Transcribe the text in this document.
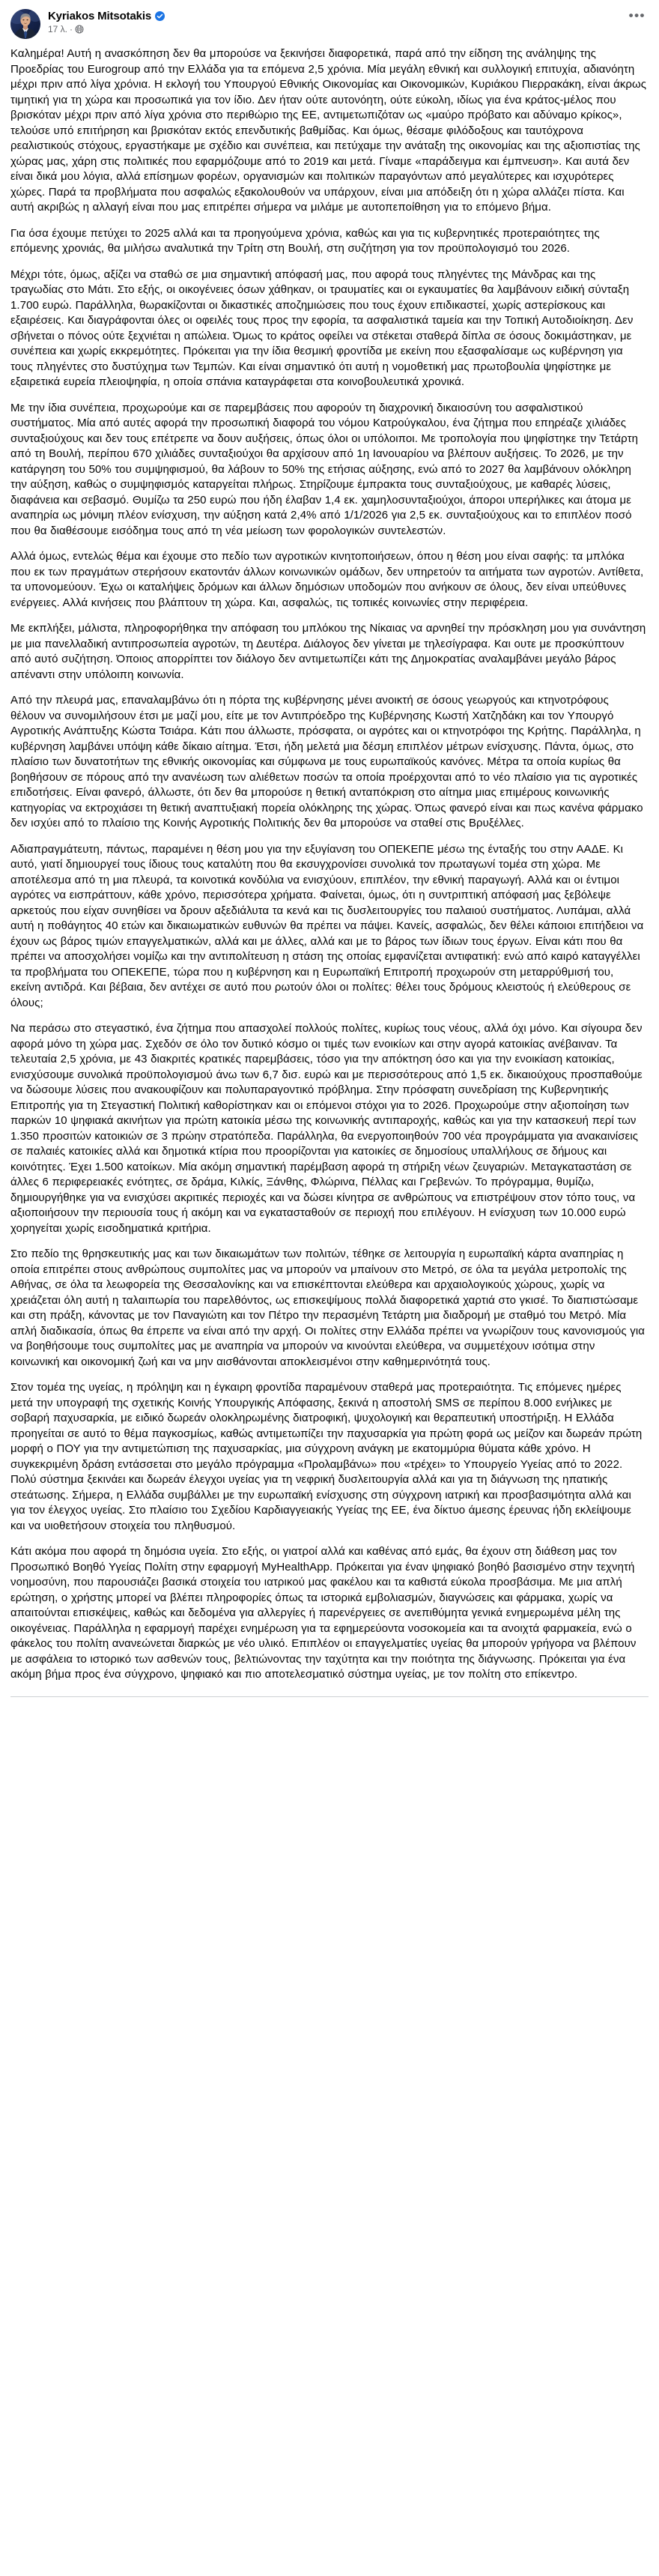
Kyriakos Mitsotakis
17 λ. ·
•••

Καλημέρα! Αυτή η ανασκόπηση δεν θα μπορούσε να ξεκινήσει διαφορετικά, παρά από την είδηση της ανάληψης της Προεδρίας του Eurogroup από την Ελλάδα για τα επόμενα 2,5 χρόνια. Μία μεγάλη εθνική και συλλογική επιτυχία, αδιανόητη μέχρι πριν από λίγα χρόνια. Η εκλογή του Υπουργού Εθνικής Οικονομίας και Οικονομικών, Κυριάκου Πιερρακάκη, είναι άκρως τιμητική για τη χώρα και προσωπικά για τον ίδιο. Δεν ήταν ούτε αυτονόητη, ούτε εύκολη, ιδίως για ένα κράτος-μέλος που βρισκόταν μέχρι πριν από λίγα χρόνια στο περιθώριο της ΕΕ, αντιμετωπιζόταν ως «μαύρο πρόβατο και αδύναμο κρίκος», τελούσε υπό επιτήρηση και βρισκόταν εκτός επενδυτικής βαθμίδας. Και όμως, θέσαμε φιλόδοξους και ταυτόχρονα ρεαλιστικούς στόχους, εργαστήκαμε με σχέδιο και συνέπεια, και πετύχαμε την ανάταξη της οικονομίας και της αξιοπιστίας της χώρας μας, χάρη στις πολιτικές που εφαρμόζουμε από το 2019 και μετά. Γίναμε «παράδειγμα και έμπνευση». Και αυτά δεν είναι δικά μου λόγια, αλλά επίσημων φορέων, οργανισμών και πολιτικών παραγόντων από μεγαλύτερες και ισχυρότερες χώρες. Παρά τα προβλήματα που ασφαλώς εξακολουθούν να υπάρχουν, είναι μια απόδειξη ότι η χώρα αλλάζει πίστα. Και αυτή ακριβώς η αλλαγή είναι που μας επιτρέπει σήμερα να μιλάμε με αυτοπεποίθηση για το επόμενο βήμα.

Για όσα έχουμε πετύχει το 2025 αλλά και τα προηγούμενα χρόνια, καθώς και για τις κυβερνητικές προτεραιότητες της επόμενης χρονιάς, θα μιλήσω αναλυτικά την Τρίτη στη Βουλή, στη συζήτηση για τον προϋπολογισμό του 2026.

Μέχρι τότε, όμως, αξίζει να σταθώ σε μια σημαντική απόφασή μας, που αφορά τους πληγέντες της Μάνδρας και της τραγωδίας στο Μάτι. Στο εξής, οι οικογένειες όσων χάθηκαν, οι τραυματίες και οι εγκαυματίες θα λαμβάνουν ειδική σύνταξη 1.700 ευρώ. Παράλληλα, θωρακίζονται οι δικαστικές αποζημιώσεις που τους έχουν επιδικαστεί, χωρίς αστερίσκους και εξαιρέσεις. Και διαγράφονται όλες οι οφειλές τους προς την εφορία, τα ασφαλιστικά ταμεία και την Τοπική Αυτοδιοίκηση. Δεν σβήνεται ο πόνος ούτε ξεχνιέται η απώλεια. Όμως το κράτος οφείλει να στέκεται σταθερά δίπλα σε όσους δοκιμάστηκαν, με συνέπεια και χωρίς εκκρεμότητες. Πρόκειται για την ίδια θεσμική φροντίδα με εκείνη που εξασφαλίσαμε ως κυβέρνηση για τους πληγέντες στο δυστύχημα των Τεμπών. Και είναι σημαντικό ότι αυτή η νομοθετική μας πρωτοβουλία ψηφίστηκε με εξαιρετικά ευρεία πλειοψηφία, η οποία σπάνια καταγράφεται στα κοινοβουλευτικά χρονικά.

Με την ίδια συνέπεια, προχωρούμε και σε παρεμβάσεις που αφορούν τη διαχρονική δικαιοσύνη του ασφαλιστικού συστήματος. Μία από αυτές αφορά την προσωπική διαφορά του νόμου Κατρούγκαλου, ένα ζήτημα που επηρέαζε χιλιάδες συνταξιούχους και δεν τους επέτρεπε να δουν αυξήσεις, όπως όλοι οι υπόλοιποι. Με τροπολογία που ψηφίστηκε την Τετάρτη από τη Βουλή, περίπου 670 χιλιάδες συνταξιούχοι θα αρχίσουν από 1η Ιανουαρίου να βλέπουν αυξήσεις. Το 2026, με την κατάργηση του 50% του συμψηφισμού, θα λάβουν το 50% της ετήσιας αύξησης, ενώ από το 2027 θα λαμβάνουν ολόκληρη την αύξηση, καθώς ο συμψηφισμός καταργείται πλήρως. Στηρίζουμε έμπρακτα τους συνταξιούχους, με καθαρές λύσεις, διαφάνεια και σεβασμό. Θυμίζω τα 250 ευρώ που ήδη έλαβαν 1,4 εκ. χαμηλοσυνταξιούχοι, άποροι υπερήλικες και άτομα με αναπηρία ως μόνιμη πλέον ενίσχυση, την αύξηση κατά 2,4% από 1/1/2026 για 2,5 εκ. συνταξιούχους και το επιπλέον ποσό που θα διαθέσουμε εισόδημα τους από τη νέα μείωση των φορολογικών συντελεστών.

Αλλά όμως, εντελώς θέμα και έχουμε στο πεδίο των αγροτικών κινητοποιήσεων, όπου η θέση μου είναι σαφής: τα μπλόκα που εκ των πραγμάτων στερήσουν εκατοντάν άλλων κοινωνικών ομάδων, δεν υπηρετούν τα αιτήματα των αγροτών. Αντίθετα, τα υπονομεύουν. Έχω οι καταλήψεις δρόμων και άλλων δημόσιων υποδομών που ανήκουν σε όλους, δεν είναι υπεύθυνες ενέργειες. Αλλά κινήσεις που βλάπτουν τη χώρα. Και, ασφαλώς, τις τοπικές κοινωνίες στην περιφέρεια.

Με εκπλήξει, μάλιστα, πληροφορήθηκα την απόφαση του μπλόκου της Νίκαιας να αρνηθεί την πρόσκληση μου για συνάντηση με μια πανελλαδική αντιπροσωπεία αγροτών, τη Δευτέρα. Διάλογος δεν γίνεται με τηλεσίγραφα. Και ουτε με προσκύπτουν από αυτό συζήτηση. Όποιος απορρίπτει τον διάλογο δεν αντιμετωπίζει κάτι της Δημοκρατίας αναλαμβάνει μεγάλο βάρος απέναντι στην υπόλοιπη κοινωνία.

Από την πλευρά μας, επαναλαμβάνω ότι η πόρτα της κυβέρνησης μένει ανοικτή σε όσους γεωργούς και κτηνοτρόφους θέλουν να συνομιλήσουν έτσι με μαζί μου, είτε με τον Αντιπρόεδρο της Κυβέρνησης Κωστή Χατζηδάκη και τον Υπουργό Αγροτικής Ανάπτυξης Κώστα Τσιάρα. Κάτι που άλλωστε, πρόσφατα, οι αγρότες και οι κτηνοτρόφοι της Κρήτης. Παράλληλα, η κυβέρνηση λαμβάνει υπόψη κάθε δίκαιο αίτημα. Έτσι, ήδη μελετά μια δέσμη επιπλέον μέτρων ενίσχυσης. Πάντα, όμως, στο πλαίσιο των δυνατοτήτων της εθνικής οικονομίας και σύμφωνα με τους ευρωπαϊκούς κανόνες. Μέτρα τα οποία κυρίως θα βοηθήσουν σε πόρους από την ανανέωση των αλιέθετων ποσών τα οποία προέρχονται από το νέο πλαίσιο για τις αγροτικές επιδοτήσεις. Είναι φανερό, άλλωστε, ότι δεν θα μπορούσε η θετική ανταπόκριση στο αίτημα μιας επιμέρους κοινωνικής κατηγορίας να εκτροχιάσει τη θετική αναπτυξιακή πορεία ολόκληρης της χώρας. Όπως φανερό είναι και πως κανένα φάρμακο δεν ισχύει από το πλαίσιο της Κοινής Αγροτικής Πολιτικής δεν θα μπορούσε να σταθεί στις Βρυξέλλες.

Αδιαπραγμάτευτη, πάντως, παραμένει η θέση μου για την εξυγίανση του ΟΠΕΚΕΠΕ μέσω της ένταξής του στην ΑΑΔΕ. Κι αυτό, γιατί δημιουργεί τους ίδιους τους καταλύτη που θα εκσυγχρονίσει συνολικά τον πρωταγωνί τομέα στη χώρα. Με αποτέλεσμα από τη μια πλευρά, τα κοινοτικά κονδύλια να ενισχύουν, επιπλέον, την εθνική παραγωγή. Αλλά και οι έντιμοι αγρότες να εισπράττουν, κάθε χρόνο, περισσότερα χρήματα. Φαίνεται, όμως, ότι η συντριπτική απόφασή μας ξεβόλεψε αρκετούς που είχαν συνηθίσει να δρουν αξεδιάλυτα τα κενά και τις δυσλειτουργίες του παλαιού συστήματος. Λυπάμαι, αλλά αυτή η ποθάγητος 40 ετών και δικαιωματικών ευθυνών θα πρέπει να πάψει. Κανείς, ασφαλώς, δεν θέλει κάποιοι επιτήδειοι να έχουν ως βάρος τιμών επαγγελματικών, αλλά και με άλλες, αλλά και με το βάρος των ίδιων τους έργων. Είναι κάτι που θα πρέπει να αποσχολήσει νομίζω και την αντιπολίτευση η στάση της οποίας εμφανίζεται αντιφατική: ενώ από καιρό καταγγέλλει τα προβλήματα του ΟΠΕΚΕΠΕ, τώρα που η κυβέρνηση και η Ευρωπαϊκή Επιτροπή προχωρούν στη μεταρρύθμισή του, εκείνη αντιδρά. Και βέβαια, δεν αντέχει σε αυτό που ρωτούν όλοι οι πολίτες: θέλει τους δρόμους κλειστούς ή ελεύθερους σε όλους;

Να περάσω στο στεγαστικό, ένα ζήτημα που απασχολεί πολλούς πολίτες, κυρίως τους νέους, αλλά όχι μόνο. Και σίγουρα δεν αφορά μόνο τη χώρα μας. Σχεδόν σε όλο τον δυτικό κόσμο οι τιμές των ενοικίων και στην αγορά κατοικίας ανέβαιναν. Τα τελευταία 2,5 χρόνια, με 43 διακριτές κρατικές παρεμβάσεις, τόσο για την απόκτηση όσο και για την ενοικίαση κατοικίας, ενισχύσουμε συνολικά προϋπολογισμού άνω των 6,7 δισ. ευρώ και με περισσότερους από 1,5 εκ. δικαιούχους προσπαθούμε να δώσουμε λύσεις που ανακουφίζουν και πολυπαραγοντικό πρόβλημα. Στην πρόσφατη συνεδρίαση της Κυβερνητικής Επιτροπής για τη Στεγαστική Πολιτική καθορίστηκαν και οι επόμενοι στόχοι για το 2026. Προχωρούμε στην αξιοποίηση των παρκών 10 ψηφιακά ακινήτων για πρώτη κατοικία μέσω της κοινωνικής αντιπαροχής, καθώς και για την κατασκευή περί των 1.350 προσιτών κατοικιών σε 3 πρώην στρατόπεδα. Παράλληλα, θα ενεργοποιηθούν 700 νέα προγράμματα για ανακαινίσεις σε παλαιές κατοικίες αλλά και δημοτικά κτίρια που προορίζονται για κατοικίες σε δημοσίους υπαλλήλους σε δήμους και κοινότητες. Έχει 1.500 κατοίκων. Μία ακόμη σημαντική παρέμβαση αφορά τη στήριξη νέων ζευγαριών. Μεταγκαταστάση σε άλλες 6 περιφερειακές ενότητες, σε δράμα, Κιλκίς, Ξάνθης, Φλώρινα, Πέλλας και Γρεβενών. Το πρόγραμμα, θυμίζω, δημιουργήθηκε για να ενισχύσει ακριτικές περιοχές και να δώσει κίνητρα σε ανθρώπους να επιστρέψουν στον τόπο τους, να αξιοποιήσουν την περιουσία τους ή ακόμη και να εγκατασταθούν σε περιοχή που επιλέγουν. Η ενίσχυση των 10.000 ευρώ χορηγείται χωρίς εισοδηματικά κριτήρια.

Στο πεδίο της θρησκευτικής μας και των δικαιωμάτων των πολιτών, τέθηκε σε λειτουργία η ευρωπαϊκή κάρτα αναπηρίας η οποία επιτρέπει στους ανθρώπους συμπολίτες μας να μπορούν να μπαίνουν στο Μετρό, σε όλα τα μεγάλα μετροπολίς της Αθήνας, σε όλα τα λεωφορεία της Θεσσαλονίκης και να επισκέπτονται ελεύθερα και αρχαιολογικούς χώρους, χωρίς να χρειάζεται όλη αυτή η ταλαιπωρία του παρελθόντος, ως επισκεψίμους πολλά διαφορετικά χαρτιά στο γκισέ. Το διαπιστώσαμε και στη πράξη, κάνοντας με τον Παναγιώτη και τον Πέτρο την περασμένη Τετάρτη μια διαδρομή με σταθμό του Μετρό. Μία απλή διαδικασία, όπως θα έπρεπε να είναι από την αρχή. Οι πολίτες στην Ελλάδα πρέπει να γνωρίζουν τους κανονισμούς για να βοηθήσουμε τους συμπολίτες μας με αναπηρία να μπορούν να κινούνται ελεύθερα, να συμμετέχουν ισότιμα στην κοινωνική και οικονομική ζωή και να μην αισθάνονται αποκλεισμένοι στην καθημερινότητά τους.

Στον τομέα της υγείας, η πρόληψη και η έγκαιρη φροντίδα παραμένουν σταθερά μας προτεραιότητα. Τις επόμενες ημέρες μετά την υπογραφή της σχετικής Κοινής Υπουργικής Απόφασης, ξεκινά η αποστολή SMS σε περίπου 8.000 ενήλικες με σοβαρή παχυσαρκία, με ειδικό δωρεάν ολοκληρωμένης διατροφική, ψυχολογική και θεραπευτική υποστήριξη. Η Ελλάδα προηγείται σε αυτό το θέμα παγκοσμίως, καθώς αντιμετωπίζει την παχυσαρκία για πρώτη φορά ως μείζον και δωρεάν πρώτη μορφή ο ΠΟΥ για την αντιμετώπιση της παχυσαρκίας, μια σύγχρονη ανάγκη με εκατομμύρια θύματα κάθε χρόνο. Η συγκεκριμένη δράση εντάσσεται στο μεγάλο πρόγραμμα «Προλαμβάνω» που «τρέχει» το Υπουργείο Υγείας από το 2022. Πολύ σύστημα ξεκινάει και δωρεάν έλεγχοι υγείας για τη νεφρική δυσλειτουργία αλλά και για τη διάγνωση της ηπατικής στεάτωσης. Σήμερα, η Ελλάδα συμβάλλει με την ευρωπαϊκή ενίσχυσης στη σύγχρονη ιατρική και προσβασιμότητα αλλά και για τον έλεγχος υγείας. Στο πλαίσιο του Σχεδίου Καρδιαγγειακής Υγείας της ΕΕ, ένα δίκτυο άμεσης έρευνας ήδη εκλείψουμε και να υιοθετήσουν στοιχεία του πληθυσμού.

Κάτι ακόμα που αφορά τη δημόσια υγεία. Στο εξής, οι γιατροί αλλά και καθένας από εμάς, θα έχουν στη διάθεση μας τον Προσωπικό Βοηθό Υγείας Πολίτη στην εφαρμογή MyHealthApp. Πρόκειται για έναν ψηφιακό βοηθό βασισμένο στην τεχνητή νοημοσύνη, που παρουσιάζει βασικά στοιχεία του ιατρικού μας φακέλου και τα καθιστά εύκολα προσβάσιμα. Με μια απλή ερώτηση, ο χρήστης μπορεί να βλέπει πληροφορίες όπως τα ιστορικά εμβολιασμών, διαγνώσεις και φάρμακα, χωρίς να απαιτούνται επισκέψεις, καθώς και δεδομένα για αλλεργίες ή παρενέργειες σε ανεπιθύμητα γενικά ενημερωμένα μέλη της οικογένειας. Παράλληλα η εφαρμογή παρέχει ενημέρωση για τα εφημερεύοντα νοσοκομεία και τα ανοιχτά φαρμακεία, ενώ ο φάκελος του πολίτη ανανεώνεται διαρκώς με νέο υλικό. Επιπλέον οι επαγγελματίες υγείας θα μπορούν γρήγορα να βλέπουν με ασφάλεια το ιστορικό των ασθενών τους, βελτιώνοντας την ταχύτητα και την ποιότητα της διάγνωσης. Πρόκειται για ένα ακόμη βήμα προς ένα σύγχρονο, ψηφιακό και πιο αποτελεσματικό σύστημα υγείας, με τον πολίτη στο επίκεντρο.
